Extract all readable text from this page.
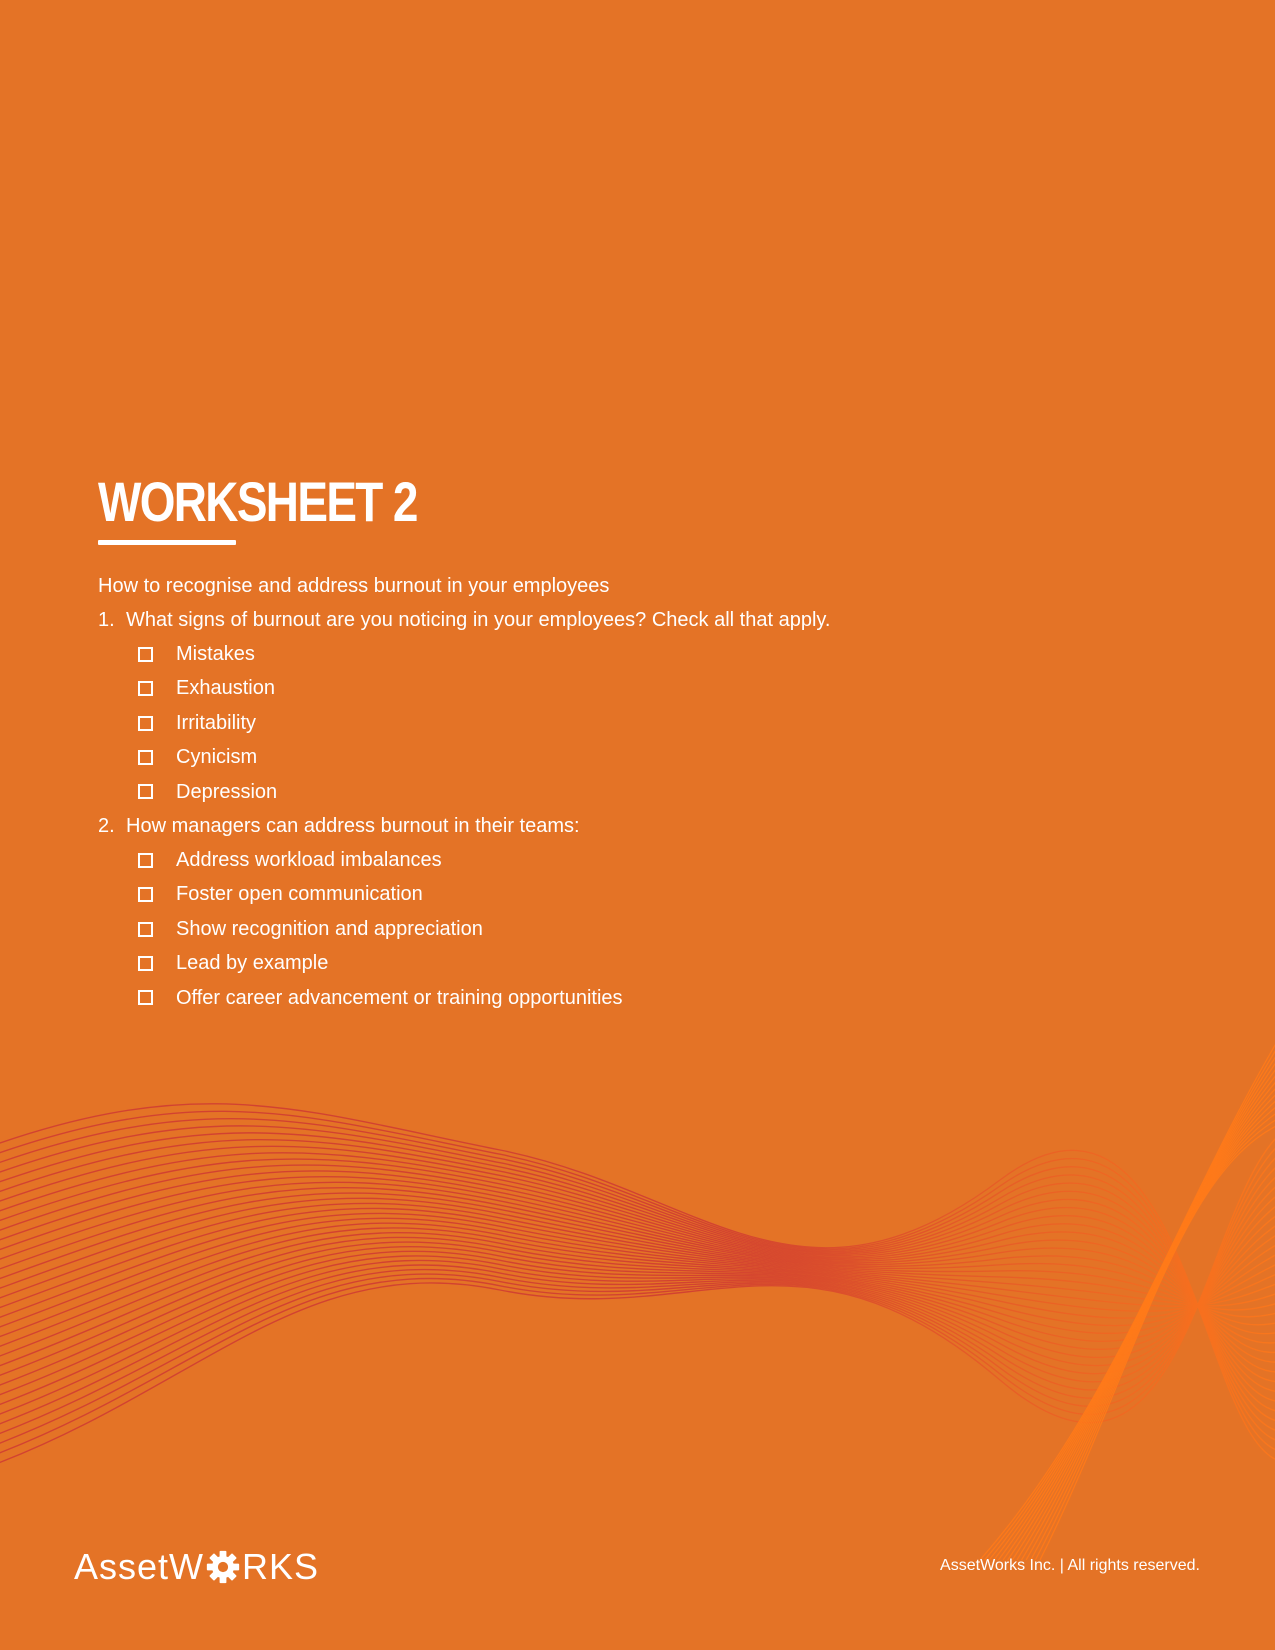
WORKSHEET 2
How to recognise and address burnout in your employees
1. What signs of burnout are you noticing in your employees? Check all that apply.
Mistakes
Exhaustion
Irritability
Cynicism
Depression
2. How managers can address burnout in their teams:
Address workload imbalances
Foster open communication
Show recognition and appreciation
Lead by example
Offer career advancement or training opportunities
AssetW RKS	AssetWorks Inc. | All rights reserved.
